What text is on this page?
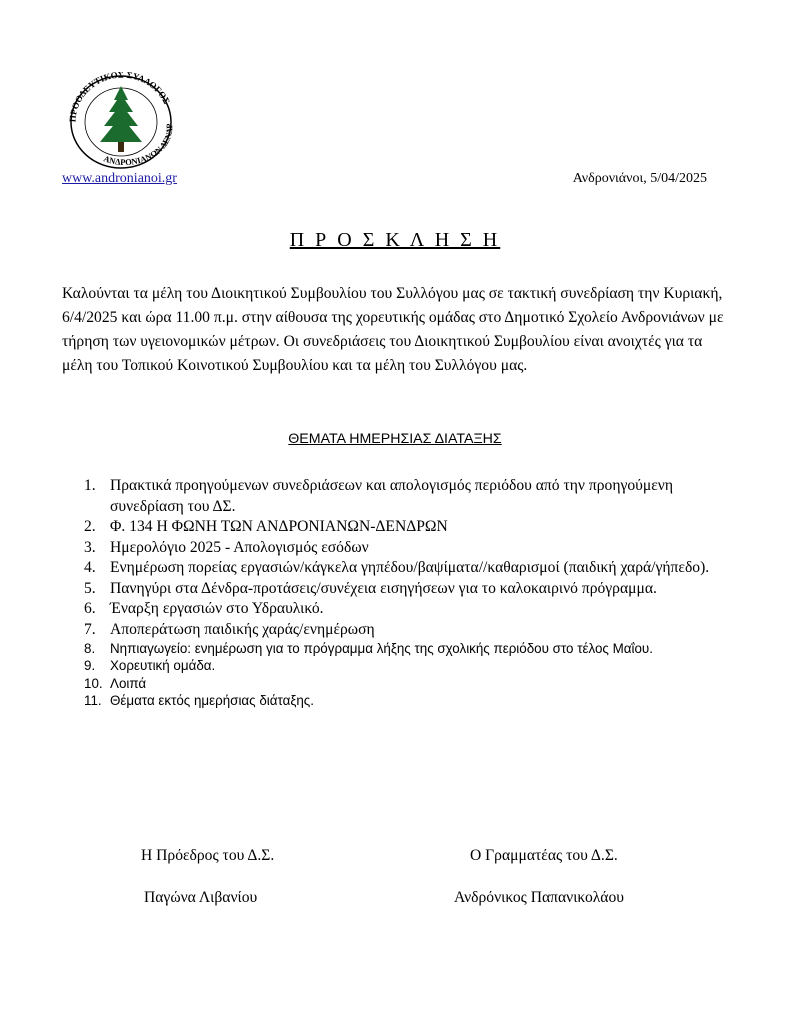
ΠΡΟΟΔΕΥΤΙΚΟΣ ΣΥΛΛΟΓΟΣ
ΑΝΔΡΟΝΙΑΝΩΝ ΔΕΝΔΡ
www.andronianoi.gr	Ανδρονιάνοι, 5/04/2025
Π Ρ Ο Σ Κ Λ Η Σ Η

Καλούνται τα μέλη του Διοικητικού Συμβουλίου του Συλλόγου μας σε τακτική συνεδρίαση την Κυριακή, 6/4/2025 και ώρα 11.00 π.μ. στην αίθουσα της χορευτικής ομάδας στο Δημοτικό Σχολείο Ανδρονιάνων με τήρηση των υγειονομικών μέτρων. Οι συνεδριάσεις του Διοικητικού Συμβουλίου είναι ανοιχτές για τα μέλη του Τοπικού Κοινοτικού Συμβουλίου και τα μέλη του Συλλόγου μας.

ΘΕΜΑΤΑ ΗΜΕΡΗΣΙΑΣ ΔΙΑΤΑΞΗΣ
1. Πρακτικά προηγούμενων συνεδριάσεων και απολογισμός περιόδου από την προηγούμενη συνεδρίαση του ΔΣ.
2. Φ. 134 Η ΦΩΝΗ ΤΩΝ ΑΝΔΡΟΝΙΑΝΩΝ-ΔΕΝΔΡΩΝ
3. Ημερολόγιο 2025 - Απολογισμός εσόδων
4. Ενημέρωση πορείας εργασιών/κάγκελα γηπέδου/βαψίματα//καθαρισμοί (παιδική χαρά/γήπεδο).
5. Πανηγύρι στα Δένδρα-προτάσεις/συνέχεια εισηγήσεων για το καλοκαιρινό πρόγραμμα.
6. Έναρξη εργασιών στο Υδραυλικό.
7. Αποπεράτωση παιδικής χαράς/ενημέρωση
8. Νηπιαγωγείο: ενημέρωση για το πρόγραμμα λήξης της σχολικής περιόδου στο τέλος Μαΐου.
9. Χορευτική ομάδα.
10. Λοιπά
11. Θέματα εκτός ημερήσιας διάταξης.
Η Πρόεδρος του Δ.Σ.
Παγώνα Λιβανίου
Ο Γραμματέας του Δ.Σ.
Ανδρόνικος Παπανικολάου
